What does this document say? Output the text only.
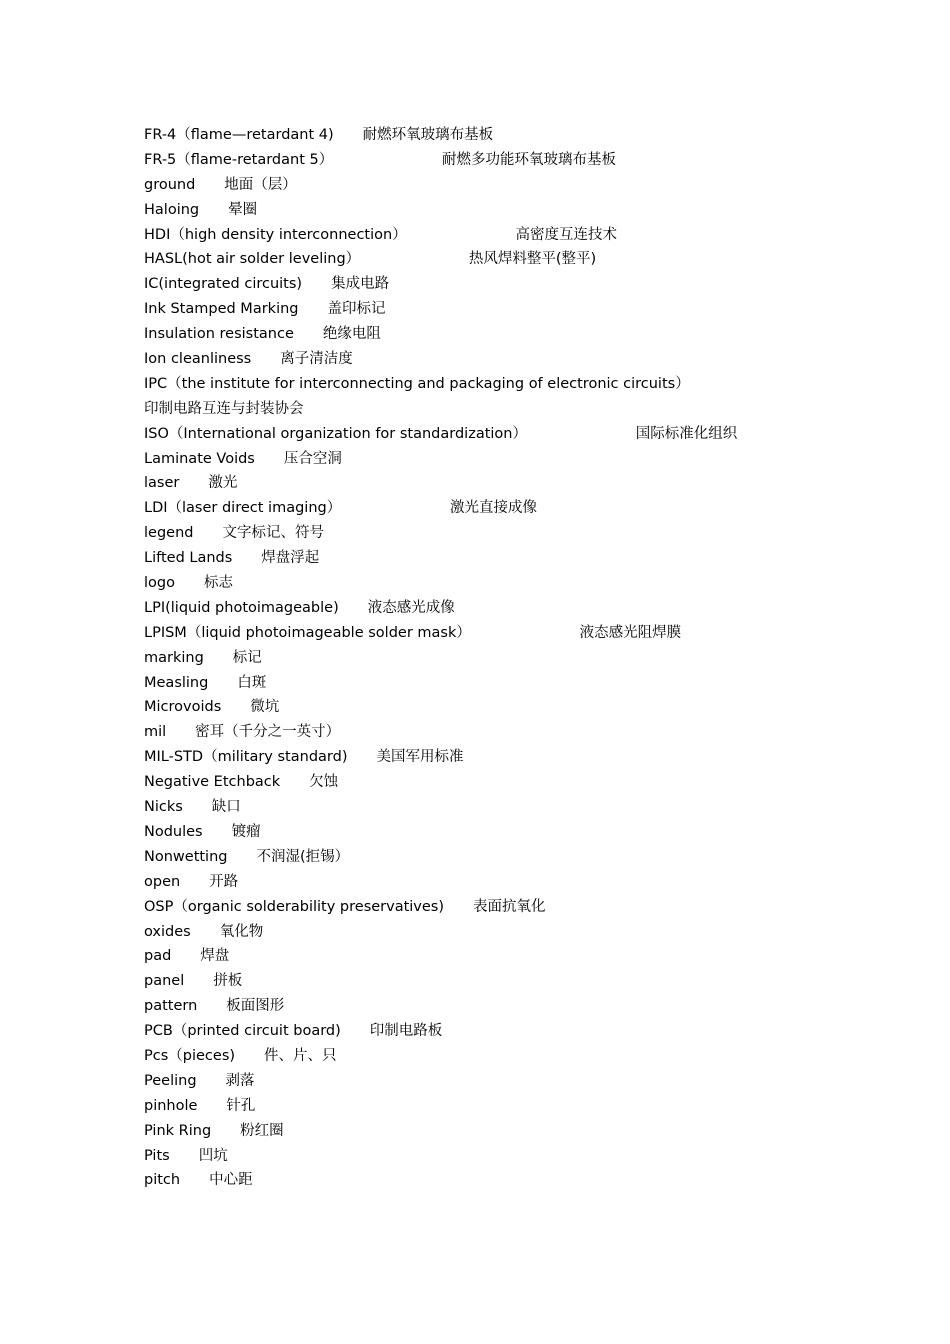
FR-4（flame—retardant 4)　　耐燃环氧玻璃布基板
FR-5（flame-retardant 5）　　　　　　　　耐燃多功能环氧玻璃布基板
ground　　地面（层）
Haloing　　晕圈
HDI（high density interconnection）　　　　　　　　高密度互连技术
HASL(hot air solder leveling）　　　　　　　　热风焊料整平(整平)
IC(integrated circuits)　　集成电路
Ink Stamped Marking　　盖印标记
Insulation resistance　　绝缘电阻
Ion cleanliness　　离子清洁度
IPC（the institute for interconnecting and packaging of electronic circuits）
印制电路互连与封装协会
ISO（International organization for standardization）　　　　　　　　国际标准化组织
Laminate Voids　　压合空洞
laser　　激光
LDI（laser direct imaging）　　　　　　　　激光直接成像
legend　　文字标记、符号
Lifted Lands　　焊盘浮起
logo　　标志
LPI(liquid photoimageable)　　液态感光成像
LPISM（liquid photoimageable solder mask）　　　　　　　　液态感光阻焊膜
marking　　标记
Measling　　白斑
Microvoids　　微坑
mil　　密耳（千分之一英寸）
MIL-STD（military standard)　　美国军用标准
Negative Etchback　　欠蚀
Nicks　　缺口
Nodules　　镀瘤
Nonwetting　　不润湿(拒锡）
open　　开路
OSP（organic solderability preservatives)　　表面抗氧化
oxides　　氧化物
pad　　焊盘
panel　　拼板
pattern　　板面图形
PCB（printed circuit board)　　印制电路板
Pcs（pieces)　　件、片、只
Peeling　　剥落
pinhole　　针孔
Pink Ring　　粉红圈
Pits　　凹坑
pitch　　中心距
